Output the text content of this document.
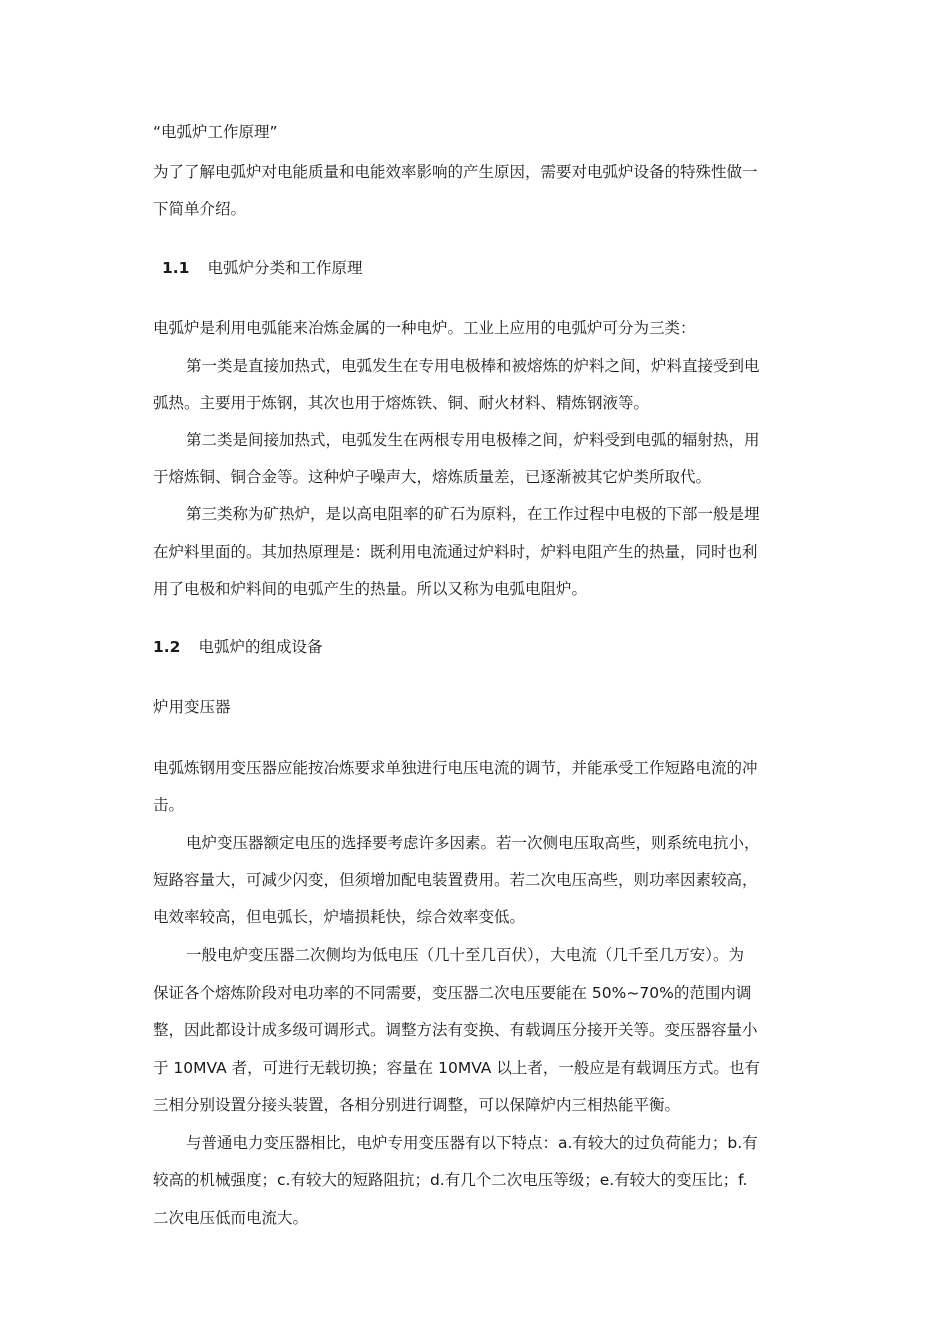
“电弧炉工作原理”
为了了解电弧炉对电能质量和电能效率影响的产生原因，需要对电弧炉设备的特殊性做一
下简单介绍。
1.1 电弧炉分类和工作原理
电弧炉是利用电弧能来冶炼金属的一种电炉。工业上应用的电弧炉可分为三类：
第一类是直接加热式，电弧发生在专用电极棒和被熔炼的炉料之间，炉料直接受到电
弧热。主要用于炼钢，其次也用于熔炼铁、铜、耐火材料、精炼钢液等。
第二类是间接加热式，电弧发生在两根专用电极棒之间，炉料受到电弧的辐射热，用
于熔炼铜、铜合金等。这种炉子噪声大，熔炼质量差，已逐渐被其它炉类所取代。
第三类称为矿热炉，是以高电阻率的矿石为原料，在工作过程中电极的下部一般是埋
在炉料里面的。其加热原理是：既利用电流通过炉料时，炉料电阻产生的热量，同时也利
用了电极和炉料间的电弧产生的热量。所以又称为电弧电阻炉。
1.2 电弧炉的组成设备
炉用变压器
电弧炼钢用变压器应能按冶炼要求单独进行电压电流的调节，并能承受工作短路电流的冲
击。
电炉变压器额定电压的选择要考虑许多因素。若一次侧电压取高些，则系统电抗小，
短路容量大，可减少闪变，但须增加配电装置费用。若二次电压高些，则功率因素较高，
电效率较高，但电弧长，炉墙损耗快，综合效率变低。
一般电炉变压器二次侧均为低电压（几十至几百伏），大电流（几千至几万安）。为
保证各个熔炼阶段对电功率的不同需要，变压器二次电压要能在 50%~70%的范围内调
整，因此都设计成多级可调形式。调整方法有变换、有载调压分接开关等。变压器容量小
于 10MVA 者，可进行无载切换；容量在 10MVA 以上者，一般应是有载调压方式。也有
三相分别设置分接头装置，各相分别进行调整，可以保障炉内三相热能平衡。
与普通电力变压器相比，电炉专用变压器有以下特点：a.有较大的过负荷能力；b.有
较高的机械强度；c.有较大的短路阻抗；d.有几个二次电压等级；e.有较大的变压比；f.
二次电压低而电流大。
